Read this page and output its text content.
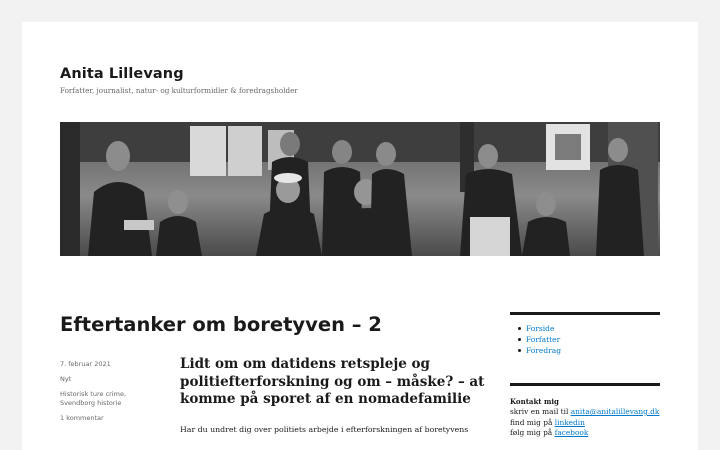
Anita Lillevang
Forfatter, journalist, natur- og kulturformidler & foredragsholder
Eftertanker om boretyven – 2
7. februar 2021
Nyt
Historisk ture crime,
Svendborg historie
1 kommentar
Lidt om om datidens retspleje og politiefterforskning og om – måske? – at komme på sporet af en nomadefamilie
Har du undret dig over politiets arbejde i efterforskningen af boretyvens
Forside
Forfatter
Foredrag
Kontakt mig
skriv en mail til anita@anitalillevang.dk
find mig på linkedin
følg mig på facebook
